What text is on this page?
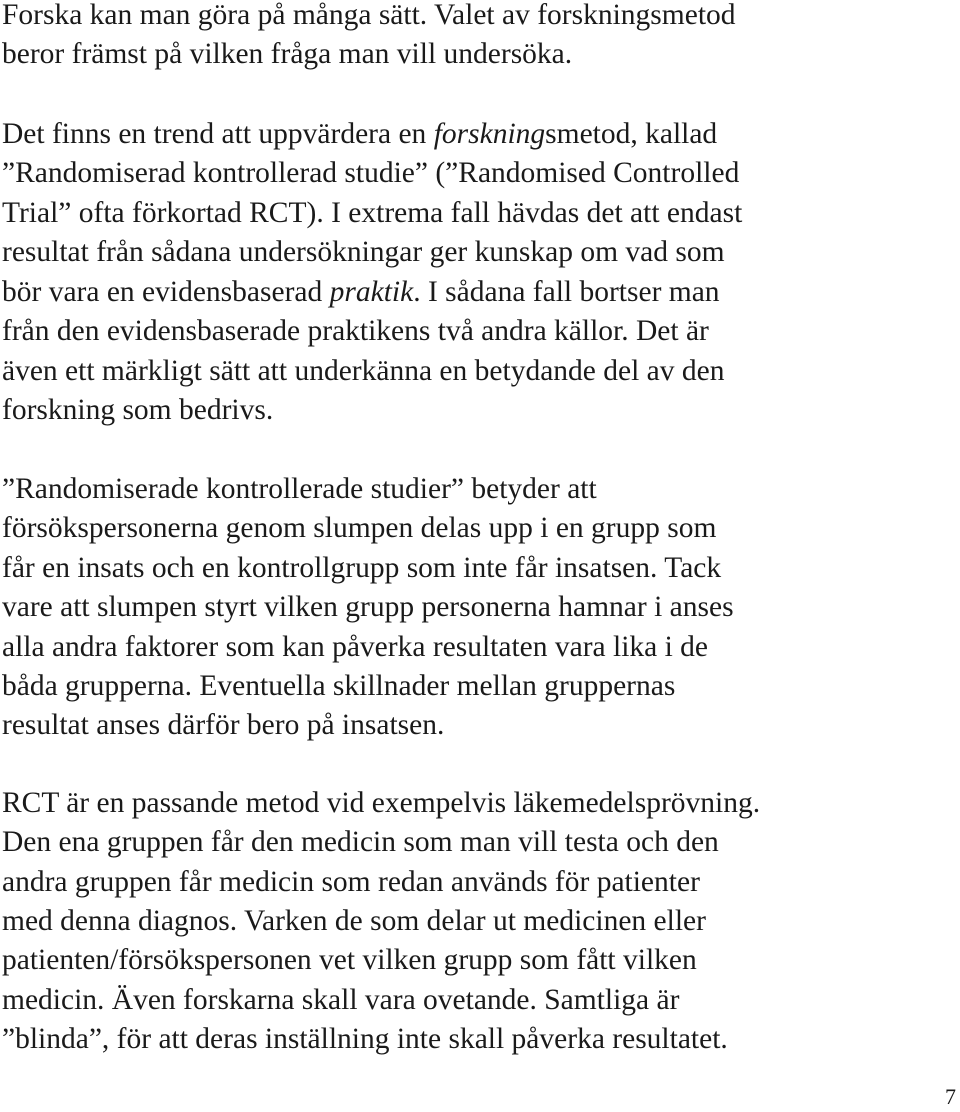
Forska kan man göra på många sätt. Valet av forskningsmetod
beror främst på vilken fråga man vill undersöka.
Det finns en trend att uppvärdera en forskningsmetod, kallad
”Randomiserad kontrollerad studie” (”Randomised Controlled
Trial” ofta förkortad RCT). I extrema fall hävdas det att endast
resultat från sådana undersökningar ger kunskap om vad som
bör vara en evidensbaserad praktik. I sådana fall bortser man
från den evidensbaserade praktikens två andra källor. Det är
även ett märkligt sätt att underkänna en betydande del av den
forskning som bedrivs.
”Randomiserade kontrollerade studier” betyder att
försökspersonerna genom slumpen delas upp i en grupp som
får en insats och en kontrollgrupp som inte får insatsen. Tack
vare att slumpen styrt vilken grupp personerna hamnar i anses
alla andra faktorer som kan påverka resultaten vara lika i de
båda grupperna. Eventuella skillnader mellan gruppernas
resultat anses därför bero på insatsen.
RCT är en passande metod vid exempelvis läkemedelsprövning.
Den ena gruppen får den medicin som man vill testa och den
andra gruppen får medicin som redan används för patienter
med denna diagnos. Varken de som delar ut medicinen eller
patienten/försökspersonen vet vilken grupp som fått vilken
medicin. Även forskarna skall vara ovetande. Samtliga är
”blinda”, för att deras inställning inte skall påverka resultatet.
7
